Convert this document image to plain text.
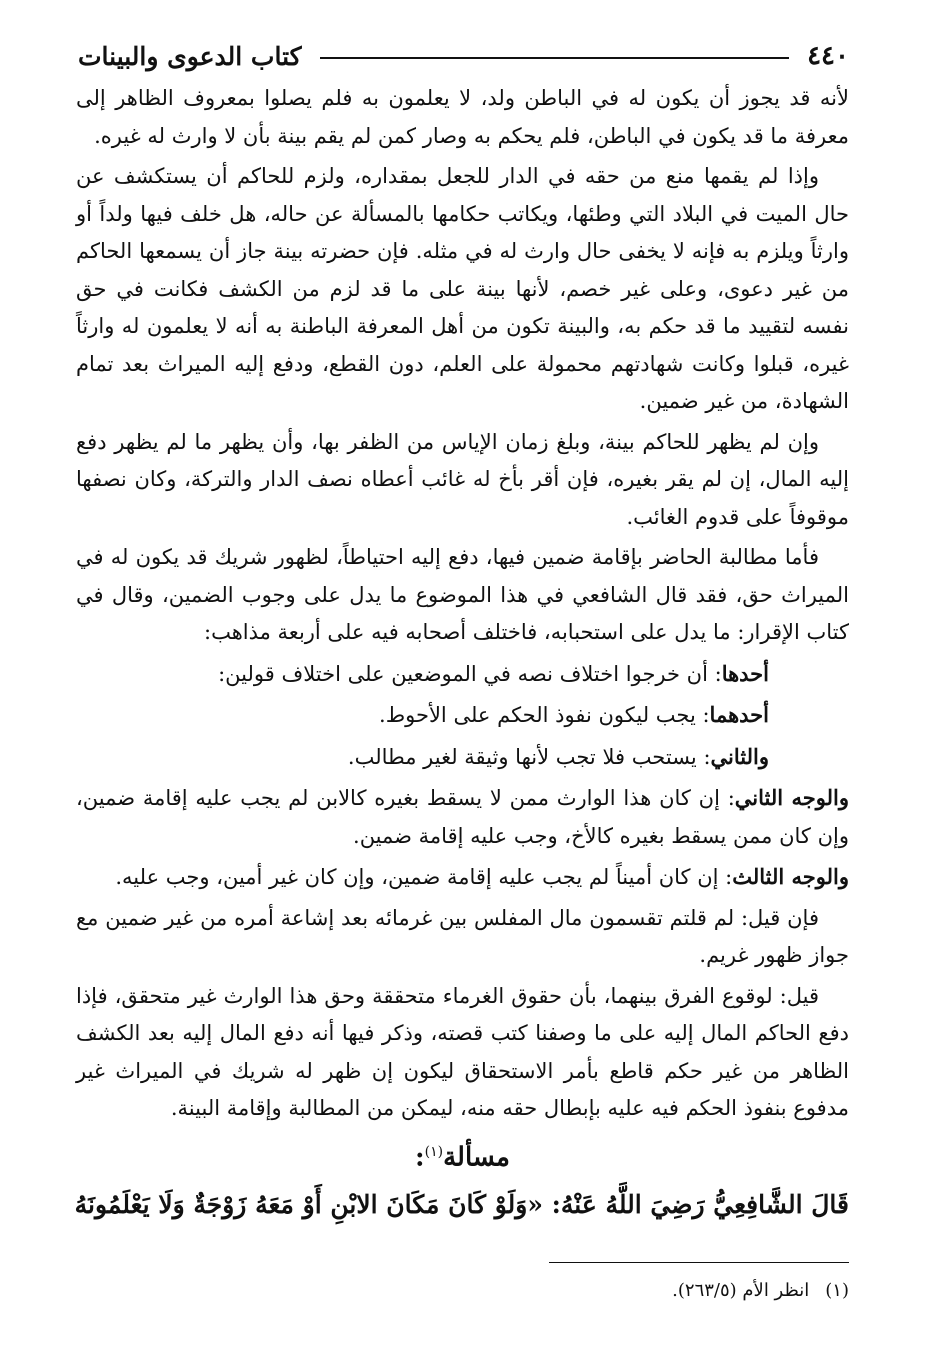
٤٤٠
كتاب الدعوى والبينات

لأنه قد يجوز أن يكون له في الباطن ولد، لا يعلمون به فلم يصلوا بمعروف الظاهر إلى معرفة ما قد يكون في الباطن، فلم يحكم به وصار كمن لم يقم بينة بأن لا وارث له غيره.

وإذا لم يقمها منع من حقه في الدار للجعل بمقداره، ولزم للحاكم أن يستكشف عن حال الميت في البلاد التي وطئها، ويكاتب حكامها بالمسألة عن حاله، هل خلف فيها ولداً أو وارثاً ويلزم به فإنه لا يخفى حال وارث له في مثله. فإن حضرته بينة جاز أن يسمعها الحاكم من غير دعوى، وعلى غير خصم، لأنها بينة على ما قد لزم من الكشف فكانت في حق نفسه لتقييد ما قد حكم به، والبينة تكون من أهل المعرفة الباطنة به أنه لا يعلمون له وارثاً غيره، قبلوا وكانت شهادتهم محمولة على العلم، دون القطع، ودفع إليه الميراث بعد تمام الشهادة، من غير ضمين.

وإن لم يظهر للحاكم بينة، وبلغ زمان الإياس من الظفر بها، وأن يظهر ما لم يظهر دفع إليه المال، إن لم يقر بغيره، فإن أقر بأخ له غائب أعطاه نصف الدار والتركة، وكان نصفها موقوفاً على قدوم الغائب.

فأما مطالبة الحاضر بإقامة ضمين فيها، دفع إليه احتياطاً، لظهور شريك قد يكون له في الميراث حق، فقد قال الشافعي في هذا الموضوع ما يدل على وجوب الضمين، وقال في كتاب الإقرار: ما يدل على استحبابه، فاختلف أصحابه فيه على أربعة مذاهب:

أحدها: أن خرجوا اختلاف نصه في الموضعين على اختلاف قولين:

أحدهما: يجب ليكون نفوذ الحكم على الأحوط.

والثاني: يستحب فلا تجب لأنها وثيقة لغير مطالب.

والوجه الثاني: إن كان هذا الوارث ممن لا يسقط بغيره كالابن لم يجب عليه إقامة ضمين، وإن كان ممن يسقط بغيره كالأخ، وجب عليه إقامة ضمين.

والوجه الثالث: إن كان أميناً لم يجب عليه إقامة ضمين، وإن كان غير أمين، وجب عليه.

فإن قيل: لم قلتم تقسمون مال المفلس بين غرمائه بعد إشاعة أمره من غير ضمين مع جواز ظهور غريم.

قيل: لوقوع الفرق بينهما، بأن حقوق الغرماء متحققة وحق هذا الوارث غير متحقق، فإذا دفع الحاكم المال إليه على ما وصفنا كتب قصته، وذكر فيها أنه دفع المال إليه بعد الكشف الظاهر من غير حكم قاطع بأمر الاستحقاق ليكون إن ظهر له شريك في الميراث غير مدفوع بنفوذ الحكم فيه عليه بإبطال حقه منه، ليمكن من المطالبة وإقامة البينة.

مسألة$^{(١)}$:
قَالَ الشَّافِعِيُّ رَضِيَ اللَّهُ عَنْهُ: «وَلَوْ كَانَ مَكَانَ الابْنِ أَوْ مَعَهُ زَوْجَةٌ وَلَا يَعْلَمُونَهُ
(١)
انظر الأم (٢٦٣/٥).
